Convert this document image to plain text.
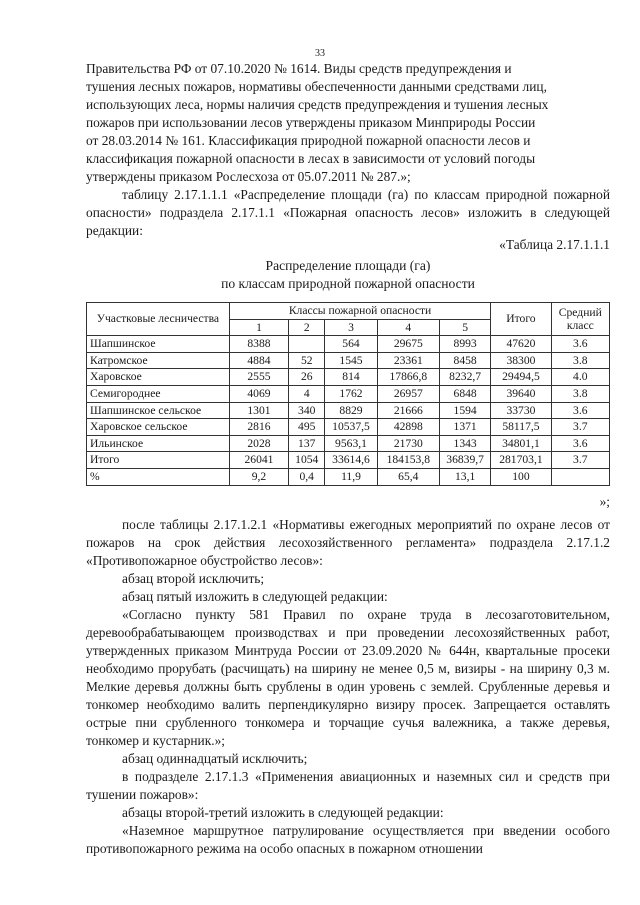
33
Правительства РФ от 07.10.2020 № 1614. Виды средств предупреждения и
тушения лесных пожаров, нормативы обеспеченности данными средствами лиц,
использующих леса, нормы наличия средств предупреждения и тушения лесных
пожаров при использовании лесов утверждены приказом Минприроды России
от 28.03.2014 № 161. Классификация природной пожарной опасности лесов и
классификация пожарной опасности в лесах в зависимости от условий погоды
утверждены приказом Рослесхоза от 05.07.2011 № 287.»;
таблицу 2.17.1.1.1 «Распределение площади (га) по классам природной пожарной опасности» подраздела 2.17.1.1 «Пожарная опасность лесов» изложить в следующей редакции:
«Таблица 2.17.1.1.1
Распределение площади (га)
по классам природной пожарной опасности
Участковые лесничества	Классы пожарной опасности					Итого	Средний класс
	1	2	3	4	5		
Шапшинское	8388		564	29675	8993	47620	3.6
Катромское	4884	52	1545	23361	8458	38300	3.8
Харовское	2555	26	814	17866,8	8232,7	29494,5	4.0
Семигороднее	4069	4	1762	26957	6848	39640	3.8
Шапшинское сельское	1301	340	8829	21666	1594	33730	3.6
Харовское сельское	2816	495	10537,5	42898	1371	58117,5	3.7
Ильинское	2028	137	9563,1	21730	1343	34801,1	3.6
Итого	26041	1054	33614,6	184153,8	36839,7	281703,1	3.7
%	9,2	0,4	11,9	65,4	13,1	100	
»;
после таблицы 2.17.1.2.1 «Нормативы ежегодных мероприятий по охране лесов от пожаров на срок действия лесохозяйственного регламента» подраздела 2.17.1.2 «Противопожарное обустройство лесов»:
абзац второй исключить;
абзац пятый изложить в следующей редакции:
«Согласно пункту 581 Правил по охране труда в лесозаготовительном, деревообрабатывающем производствах и при проведении лесохозяйственных работ, утвержденных приказом Минтруда России от 23.09.2020 № 644н, квартальные просеки необходимо прорубать (расчищать) на ширину не менее 0,5 м, визиры - на ширину 0,3 м. Мелкие деревья должны быть срублены в один уровень с землей. Срубленные деревья и тонкомер необходимо валить перпендикулярно визиру просек. Запрещается оставлять острые пни срубленного тонкомера и торчащие сучья валежника, а также деревья, тонкомер и кустарник.»;
абзац одиннадцатый исключить;
в подразделе 2.17.1.3 «Применения авиационных и наземных сил и средств при тушении пожаров»:
абзацы второй-третий изложить в следующей редакции:
«Наземное маршрутное патрулирование осуществляется при введении особого противопожарного режима на особо опасных в пожарном отношении
